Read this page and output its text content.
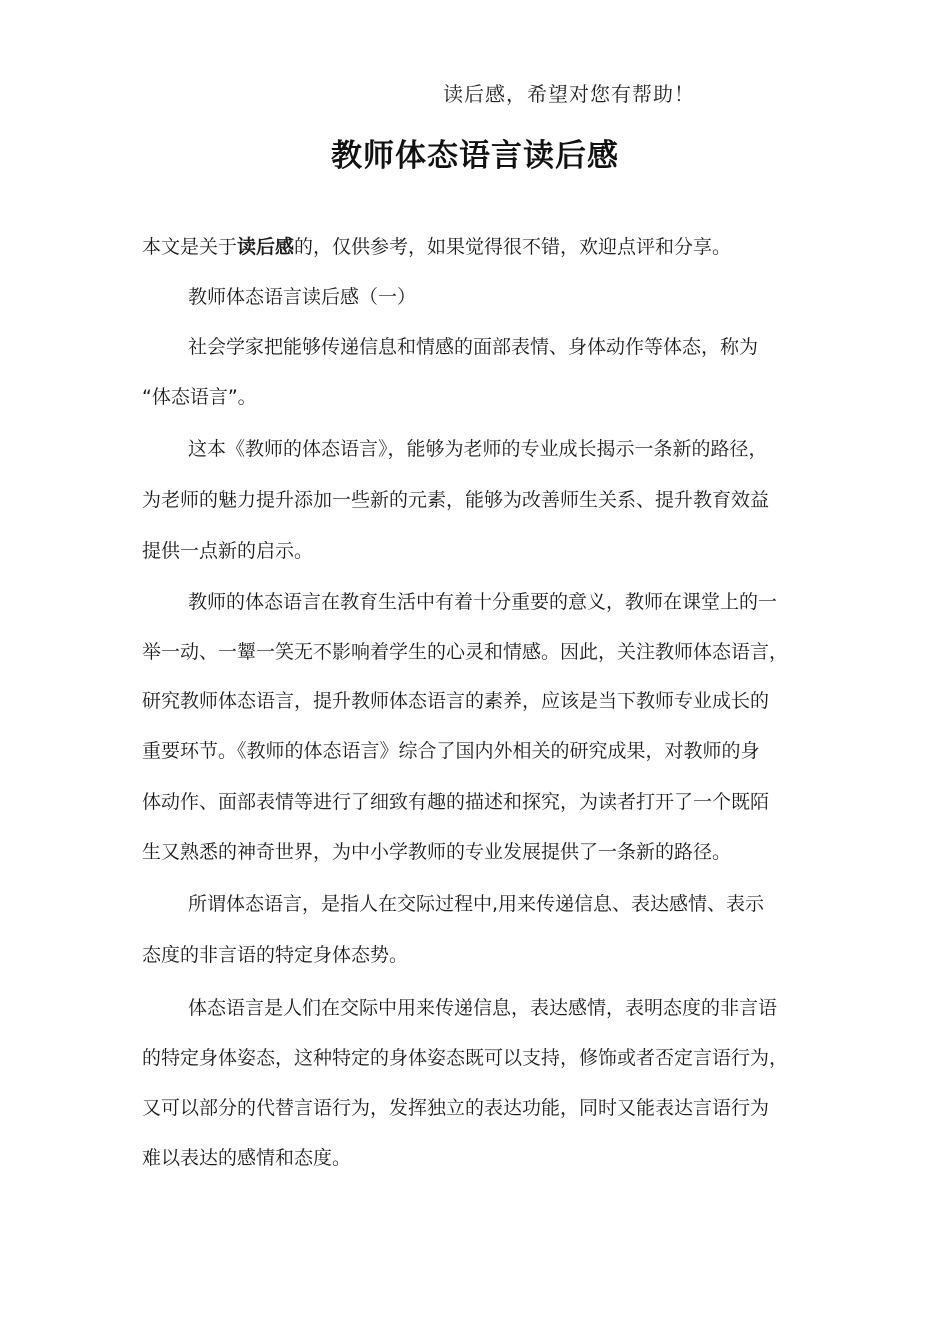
读后感，希望对您有帮助！
教师体态语言读后感
本文是关于读后感的，仅供参考，如果觉得很不错，欢迎点评和分享。
教师体态语言读后感（一）
社会学家把能够传递信息和情感的面部表情、身体动作等体态，称为
“体态语言”。
这本《教师的体态语言》，能够为老师的专业成长揭示一条新的路径，
为老师的魅力提升添加一些新的元素，能够为改善师生关系、提升教育效益
提供一点新的启示。
教师的体态语言在教育生活中有着十分重要的意义，教师在课堂上的一
举一动、一颦一笑无不影响着学生的心灵和情感。因此，关注教师体态语言，
研究教师体态语言，提升教师体态语言的素养，应该是当下教师专业成长的
重要环节。《教师的体态语言》综合了国内外相关的研究成果，对教师的身
体动作、面部表情等进行了细致有趣的描述和探究，为读者打开了一个既陌
生又熟悉的神奇世界，为中小学教师的专业发展提供了一条新的路径。
所谓体态语言，是指人在交际过程中,用来传递信息、表达感情、表示
态度的非言语的特定身体态势。
体态语言是人们在交际中用来传递信息，表达感情，表明态度的非言语
的特定身体姿态，这种特定的身体姿态既可以支持，修饰或者否定言语行为，
又可以部分的代替言语行为，发挥独立的表达功能，同时又能表达言语行为
难以表达的感情和态度。
